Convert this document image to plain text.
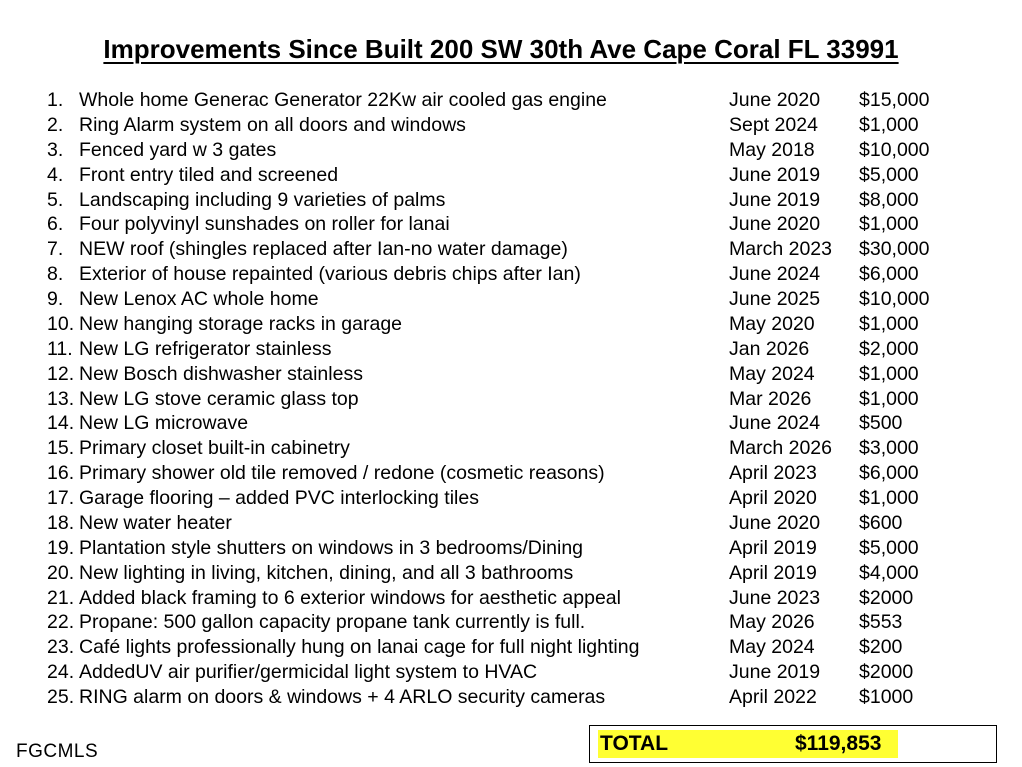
Improvements Since Built 200 SW 30th Ave Cape Coral FL 33991
1. Whole home Generac Generator 22Kw air cooled gas engine	June 2020 $15,000
2. Ring Alarm system on all doors and windows	Sept 2024 $1,000
3. Fenced yard w 3 gates	May 2018 $10,000
4. Front entry tiled and screened	June 2019 $5,000
5. Landscaping including 9 varieties of palms	June 2019 $8,000
6. Four polyvinyl sunshades on roller for lanai	June 2020 $1,000
7. NEW roof (shingles replaced after Ian-no water damage)	March 2023 $30,000
8. Exterior of house repainted (various debris chips after Ian)	June 2024 $6,000
9. New Lenox AC whole home	June 2025 $10,000
10. New hanging storage racks in garage	May 2020 $1,000
11. New LG refrigerator stainless	Jan 2026	$2,000
12. New Bosch dishwasher stainless	May 2024 $1,000
13. New LG stove ceramic glass top	Mar 2026 $1,000
14. New LG microwave	June 2024 $500
15. Primary closet built-in cabinetry	March 2026 $3,000
16. Primary shower old tile removed / redone (cosmetic reasons)	April 2023 $6,000
17. Garage flooring – added PVC interlocking tiles	April 2020 $1,000
18. New water heater	June 2020 $600
19. Plantation style shutters on windows in 3 bedrooms/Dining	April 2019 $5,000
20. New lighting in living, kitchen, dining, and all 3 bathrooms	April 2019 $4,000
21. Added black framing to 6 exterior windows for aesthetic appeal	June 2023 $2000
22. Propane: 500 gallon capacity propane tank currently is full.	May 2026 $553
23. Café lights professionally hung on lanai cage for full night lighting	May 2024 $200
24. AddedUV air purifier/germicidal light system to HVAC	June 2019 $2000
25. RING alarm on doors & windows + 4 ARLO security cameras	April 2022 $1000
TOTAL	$119,853
FGCMLS
